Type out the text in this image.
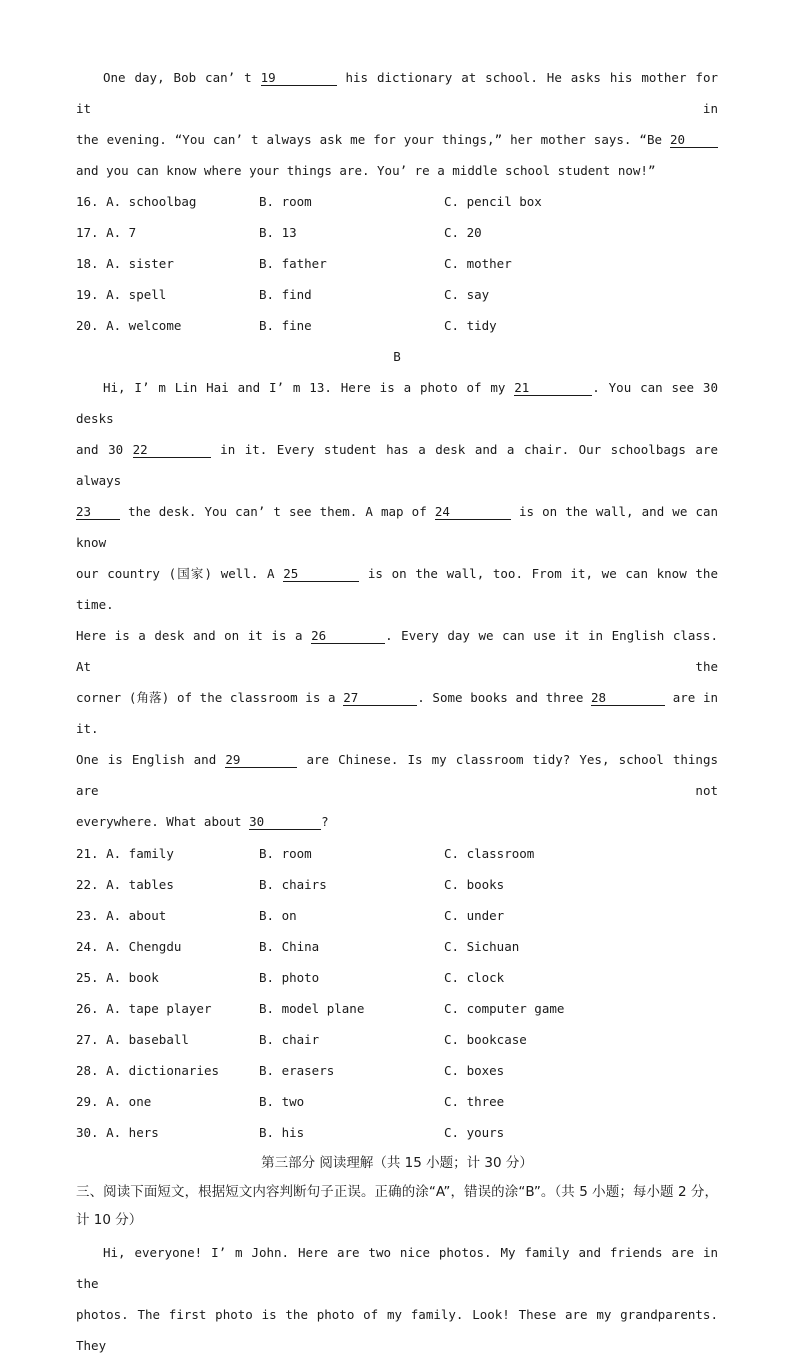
One day, Bob can’ t 19	his dictionary at school. He asks his mother for it in
the evening. “You can’ t always ask me for your things,” her mother says. “Be 20
and you can know where your things are. You’ re a middle school student now!”
16. A. schoolbag	B. room	C. pencil box
17. A. 7	B. 13	C. 20
18. A. sister	B. father	C. mother
19. A. spell	B. find	C. say
20. A. welcome	B. fine	C. tidy
B
Hi, I’ m Lin Hai and I’ m 13. Here is a photo of my 21	. You can see 30 desks
and 30 22	in it. Every student has a desk and a chair. Our schoolbags are always
23	the desk. You can’ t see them. A map of 24	is on the wall, and we can know
our country (国家) well. A 25	is on the wall, too. From it, we can know the time.
Here is a desk and on it is a 26	. Every day we can use it in English class. At the
corner (角落) of the classroom is a 27	. Some books and three 28	are in it.
One is English and 29	are Chinese. Is my classroom tidy? Yes, school things are not
everywhere. What about 30	?
21. A. family	B. room	C. classroom
22. A. tables	B. chairs	C. books
23. A. about	B. on	C. under
24. A. Chengdu	B. China	C. Sichuan
25. A. book	B. photo	C. clock
26. A. tape player	B. model plane	C. computer game
27. A. baseball	B. chair	C. bookcase
28. A. dictionaries	B. erasers	C. boxes
29. A. one	B. two	C. three
30. A. hers	B. his	C. yours
第三部分 阅读理解（共 15 小题；计 30 分）
三、阅读下面短文，根据短文内容判断句子正误。正确的涂“A”，错误的涂“B”。（共 5 小题；每小题 2 分，计 10 分）
Hi, everyone! I’ m John. Here are two nice photos. My family and friends are in the
photos. The first photo is the photo of my family. Look! These are my grandparents. They
